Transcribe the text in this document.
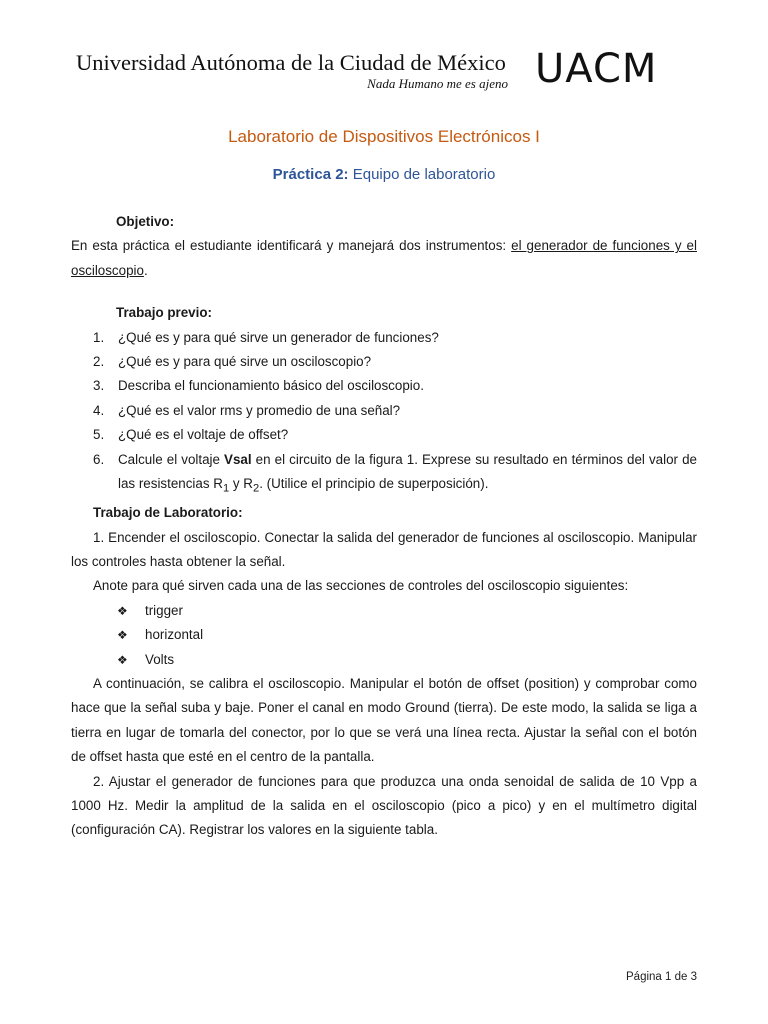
Universidad Autónoma de la Ciudad de México
Nada Humano me es ajeno UACM
Laboratorio de Dispositivos Electrónicos I
Práctica 2: Equipo de laboratorio
Objetivo:
En esta práctica el estudiante identificará y manejará dos instrumentos: el generador de funciones y el osciloscopio.
Trabajo previo:
1. ¿Qué es y para qué sirve un generador de funciones?
2. ¿Qué es y para qué sirve un osciloscopio?
3. Describa el funcionamiento básico del osciloscopio.
4. ¿Qué es el valor rms y promedio de una señal?
5. ¿Qué es el voltaje de offset?
6. Calcule el voltaje Vsal en el circuito de la figura 1. Exprese su resultado en términos del valor de las resistencias $R_1$ y $R_2$. (Utilice el principio de superposición).
Trabajo de Laboratorio:
1. Encender el osciloscopio. Conectar la salida del generador de funciones al osciloscopio. Manipular los controles hasta obtener la señal.
Anote para qué sirven cada una de las secciones de controles del osciloscopio siguientes:
❖ trigger
❖ horizontal
❖ Volts
A continuación, se calibra el osciloscopio. Manipular el botón de offset (position) y comprobar como hace que la señal suba y baje. Poner el canal en modo Ground (tierra). De este modo, la salida se liga a tierra en lugar de tomarla del conector, por lo que se verá una línea recta. Ajustar la señal con el botón de offset hasta que esté en el centro de la pantalla.
2. Ajustar el generador de funciones para que produzca una onda senoidal de salida de 10 Vpp a 1000 Hz. Medir la amplitud de la salida en el osciloscopio (pico a pico) y en el multímetro digital (configuración CA). Registrar los valores en la siguiente tabla.
Página 1 de 3
